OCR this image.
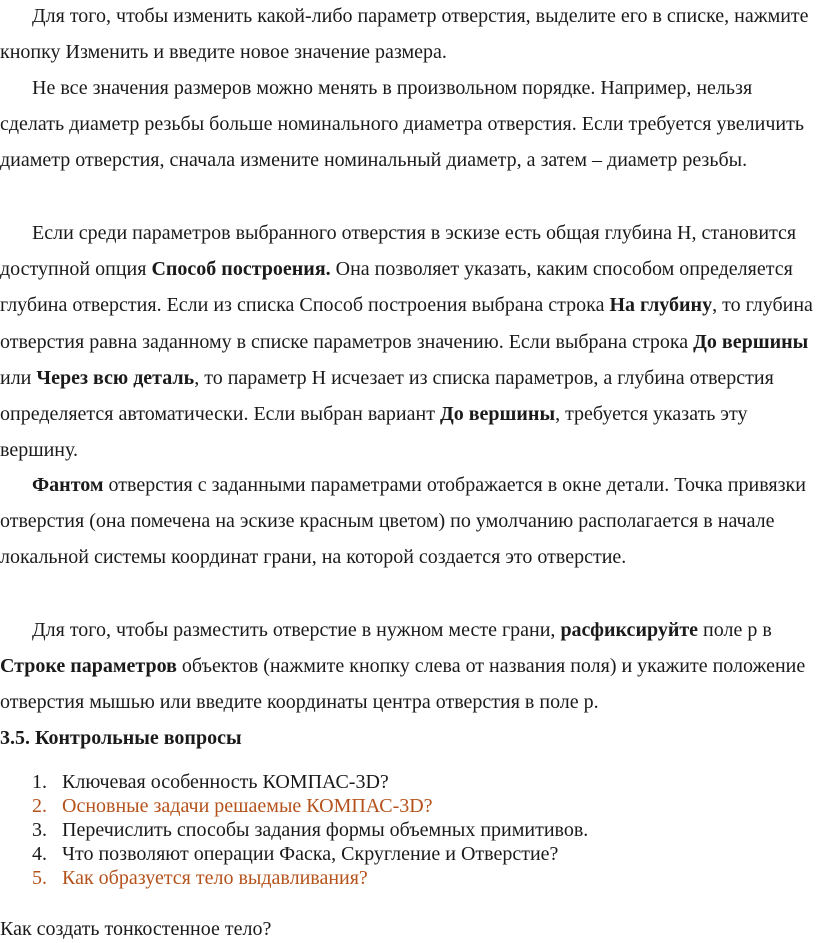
Для того, чтобы изменить какой-либо параметр отверстия, выделите его в списке, нажмите кнопку Изменить и введите новое значение размера.

Не все значения размеров можно менять в произвольном порядке. Например, нельзя сделать диаметр резьбы больше номинального диаметра отверстия. Если требуется увеличить диаметр отверстия, сначала измените номинальный диаметр, а затем – диаметр резьбы.

Если среди параметров выбранного отверстия в эскизе есть общая глубина H, становится доступной опция Способ построения. Она позволяет указать, каким способом определяется глубина отверстия. Если из списка Способ построения выбрана строка На глубину, то глубина отверстия равна заданному в списке параметров значению. Если выбрана строка До вершины или Через всю деталь, то параметр H исчезает из списка параметров, а глубина отверстия определяется автоматически. Если выбран вариант До вершины, требуется указать эту вершину.

Фантом отверстия с заданными параметрами отображается в окне детали. Точка привязки отверстия (она помечена на эскизе красным цветом) по умолчанию располагается в начале локальной системы координат грани, на которой создается это отверстие.

Для того, чтобы разместить отверстие в нужном месте грани, расфиксируйте поле p в Строке параметров объектов (нажмите кнопку слева от названия поля) и укажите положение отверстия мышью или введите координаты центра отверстия в поле p.

3.5. Контрольные вопросы
1. Ключевая особенность КОМПАС-3D?
2. Основные задачи решаемые КОМПАС-3D?
3. Перечислить способы задания формы объемных примитивов.
4. Что позволяют операции Фаска, Скругление и Отверстие?
5. Как образуется тело выдавливания?

Как создать тонкостенное тело?
